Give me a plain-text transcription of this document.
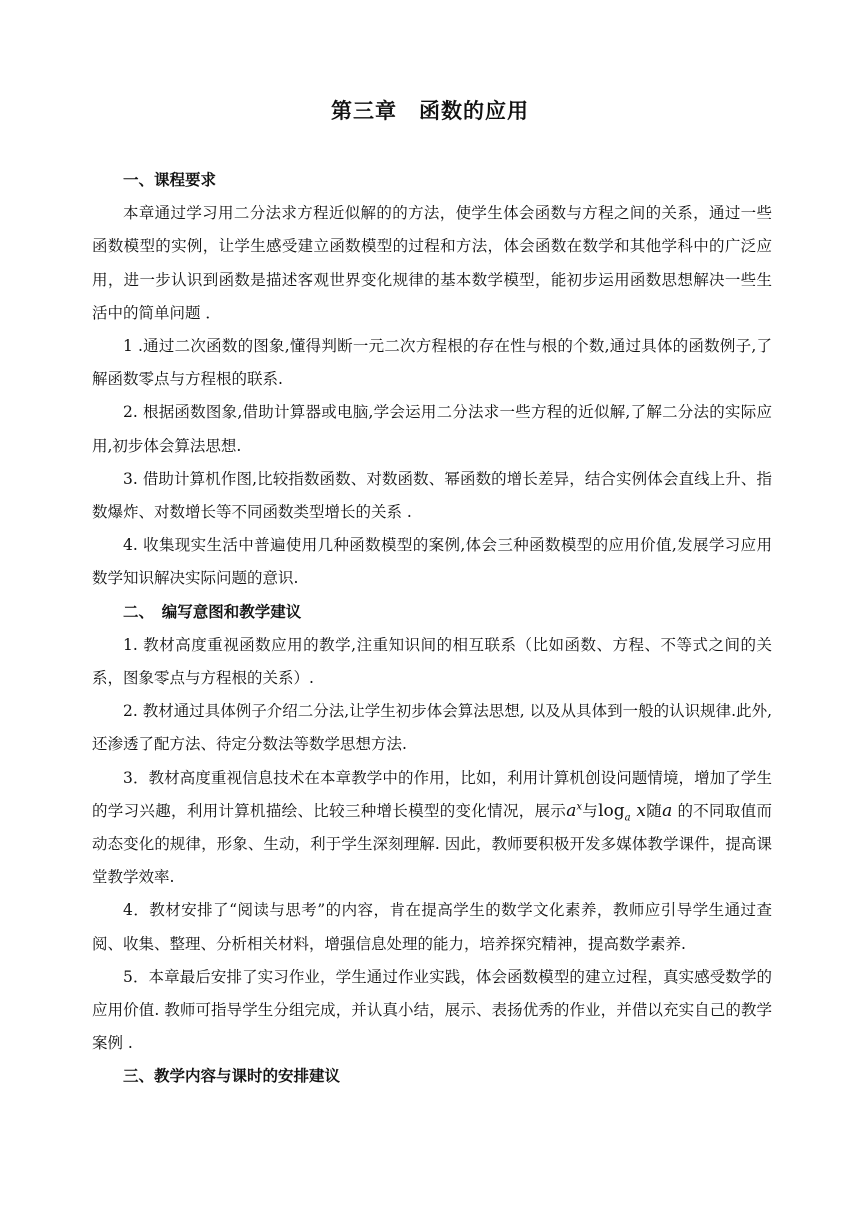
第三章 函数的应用

一、课程要求

本章通过学习用二分法求方程近似解的的方法，使学生体会函数与方程之间的关系，通过一些函数模型的实例，让学生感受建立函数模型的过程和方法，体会函数在数学和其他学科中的广泛应用，进一步认识到函数是描述客观世界变化规律的基本数学模型，能初步运用函数思想解决一些生活中的简单问题 ．

1 .通过二次函数的图象,懂得判断一元二次方程根的存在性与根的个数,通过具体的函数例子,了解函数零点与方程根的联系.

2. 根据函数图象,借助计算器或电脑,学会运用二分法求一些方程的近似解,了解二分法的实际应用,初步体会算法思想.

3. 借助计算机作图,比较指数函数、对数函数、幂函数的增长差异，结合实例体会直线上升、指数爆炸、对数增长等不同函数类型增长的关系 .

4. 收集现实生活中普遍使用几种函数模型的案例,体会三种函数模型的应用价值,发展学习应用数学知识解决实际问题的意识.

二、　编写意图和教学建议

1. 教材高度重视函数应用的教学,注重知识间的相互联系（比如函数、方程、不等式之间的关系，图象零点与方程根的关系）.

2. 教材通过具体例子介绍二分法,让学生初步体会算法思想, 以及从具体到一般的认识规律.此外, 还渗透了配方法、待定分数法等数学思想方法.

3．教材高度重视信息技术在本章教学中的作用，比如，利用计算机创设问题情境，增加了学生的学习兴趣，利用计算机描绘、比较三种增长模型的变化情况，展示$a^x$与$\log_a x$随a 的不同取值而动态变化的规律，形象、生动，利于学生深刻理解. 因此，教师要积极开发多媒体教学课件，提高课堂教学效率.

4．教材安排了“阅读与思考”的内容，肯在提高学生的数学文化素养，教师应引导学生通过查阅、收集、整理、分析相关材料，增强信息处理的能力，培养探究精神，提高数学素养.

5．本章最后安排了实习作业，学生通过作业实践，体会函数模型的建立过程，真实感受数学的应用价值. 教师可指导学生分组完成，并认真小结，展示、表扬优秀的作业，并借以充实自己的教学案例 .

三、教学内容与课时的安排建议
